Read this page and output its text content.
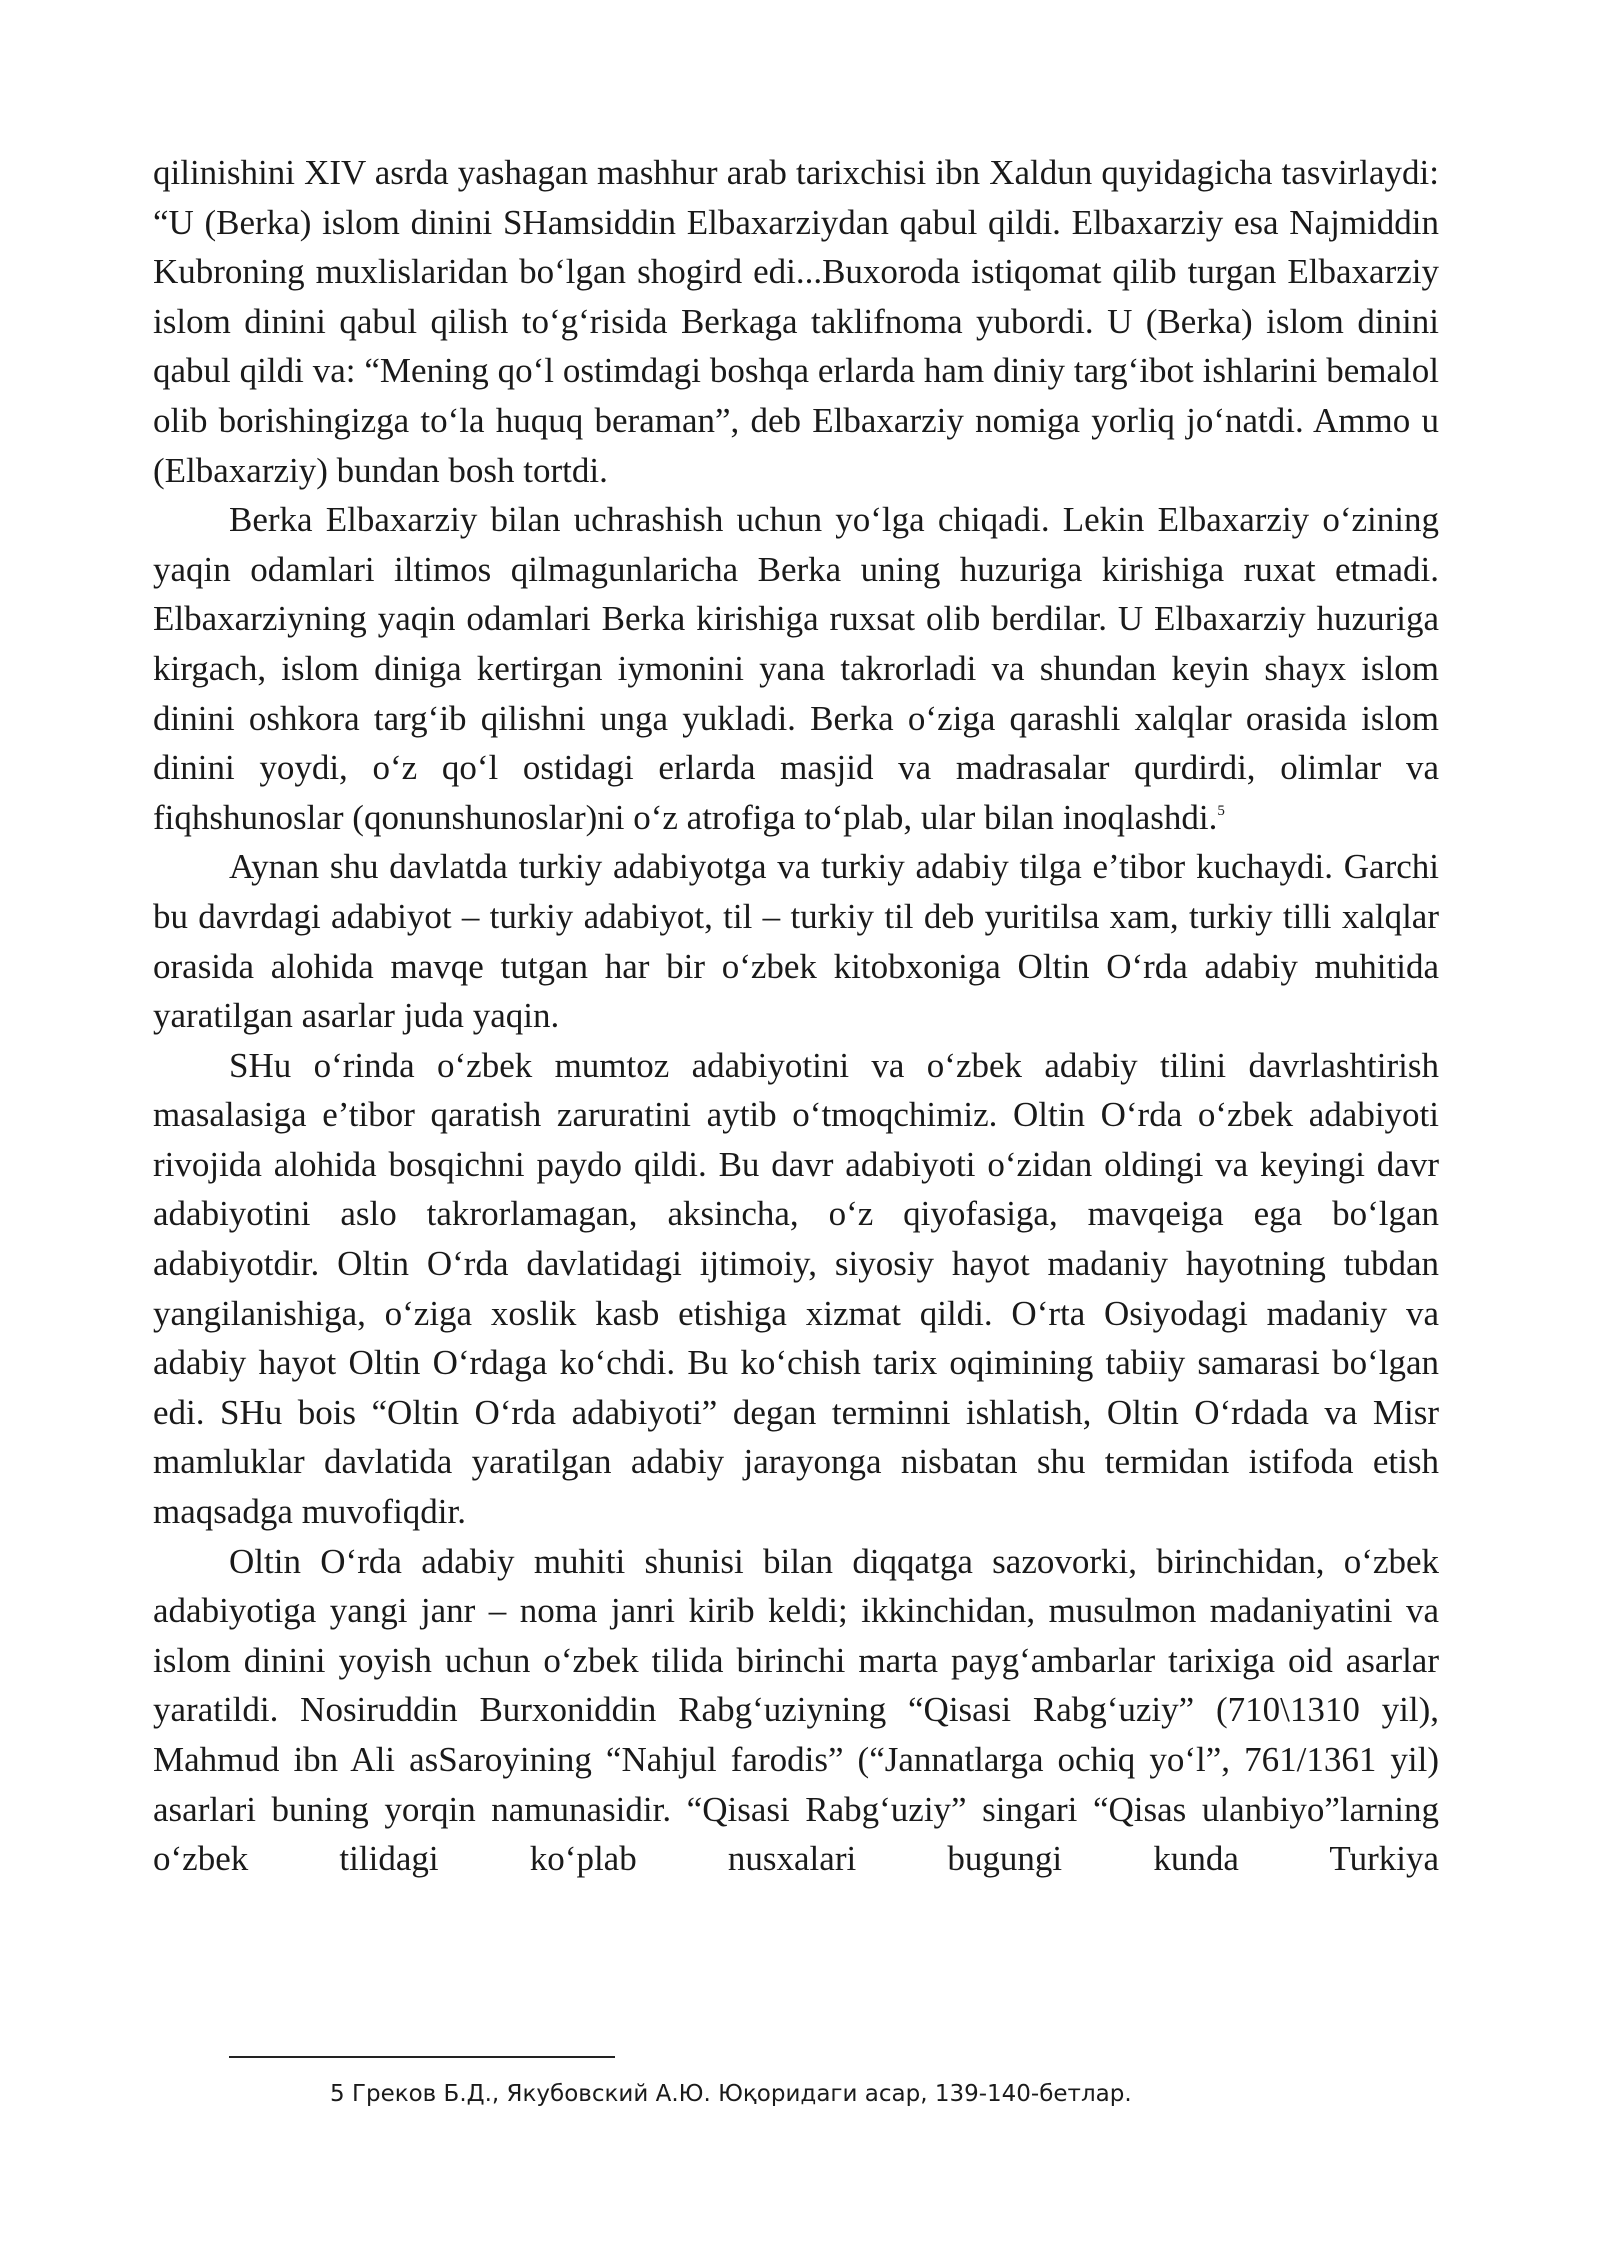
qilinishini XIV asrda yashagan mashhur arab tarixchisi ibn Xaldun quyidagicha tasvirlaydi: “U (Berka) islom dinini SHamsiddin Elbaxarziydan qabul qildi. Elbaxarziy esa Najmiddin Kubroning muxlislaridan boʻlgan shogird edi...Buxoroda istiqomat qilib turgan Elbaxarziy islom dinini qabul qilish toʻgʻrisida Berkaga taklifnoma yubordi. U (Berka) islom dinini qabul qildi va: “Mening qoʻl ostimdagi boshqa erlarda ham diniy targʻibot ishlarini bemalol olib borishingizga toʻla huquq beraman”, deb Elbaxarziy nomiga yorliq joʻnatdi. Ammo u (Elbaxarziy) bundan bosh tortdi.

Berka Elbaxarziy bilan uchrashish uchun yoʻlga chiqadi. Lekin Elbaxarziy oʻzining yaqin odamlari iltimos qilmagunlaricha Berka uning huzuriga kirishiga ruxat etmadi. Elbaxarziyning yaqin odamlari Berka kirishiga ruxsat olib berdilar. U Elbaxarziy huzuriga kirgach, islom diniga kertirgan iymonini yana takrorladi va shundan keyin shayx islom dinini oshkora targʻib qilishni unga yukladi. Berka oʻziga qarashli xalqlar orasida islom dinini yoydi, oʻz qoʻl ostidagi erlarda masjid va madrasalar qurdirdi, olimlar va fiqhshunoslar (qonunshunoslar)ni oʻz atrofiga toʻplab, ular bilan inoqlashdi.$^5$

Aynan shu davlatda turkiy adabiyotga va turkiy adabiy tilga e’tibor kuchaydi. Garchi bu davrdagi adabiyot – turkiy adabiyot, til – turkiy til deb yuritilsa xam, turkiy tilli xalqlar orasida alohida mavqe tutgan har bir oʻzbek kitobxoniga Oltin Oʻrda adabiy muhitida yaratilgan asarlar juda yaqin.

SHu oʻrinda oʻzbek mumtoz adabiyotini va oʻzbek adabiy tilini davrlashtirish masalasiga e’tibor qaratish zaruratini aytib oʻtmoqchimiz. Oltin Oʻrda oʻzbek adabiyoti rivojida alohida bosqichni paydo qildi. Bu davr adabiyoti oʻzidan oldingi va keyingi davr adabiyotini aslo takrorlamagan, aksincha, oʻz qiyofasiga, mavqeiga ega boʻlgan adabiyotdir. Oltin Oʻrda davlatidagi ijtimoiy, siyosiy hayot madaniy hayotning tubdan yangilanishiga, oʻziga xoslik kasb etishiga xizmat qildi. Oʻrta Osiyodagi madaniy va adabiy hayot Oltin Oʻrdaga koʻchdi. Bu koʻchish tarix oqimining tabiiy samarasi boʻlgan edi. SHu bois “Oltin Oʻrda adabiyoti” degan terminni ishlatish, Oltin Oʻrdada va Misr mamluklar davlatida yaratilgan adabiy jarayonga nisbatan shu termidan istifoda etish maqsadga muvofiqdir.

Oltin Oʻrda adabiy muhiti shunisi bilan diqqatga sazovorki, birinchidan, oʻzbek adabiyotiga yangi janr – noma janri kirib keldi; ikkinchidan, musulmon madaniyatini va islom dinini yoyish uchun oʻzbek tilida birinchi marta paygʻambarlar tarixiga oid asarlar yaratildi. Nosiruddin Burxoniddin Rabgʻuziyning “Qisasi Rabgʻuziy” (710\1310 yil), Mahmud ibn Ali asSaroyining “Nahjul farodis” (“Jannatlarga ochiq yoʻl”, 761/1361 yil) asarlari buning yorqin namunasidir. “Qisasi Rabgʻuziy” singari “Qisas ulanbiyo”larning oʻzbek tilidagi koʻplab nusxalari bugungi kunda Turkiya

5 Греков Б.Д., Якубовский А.Ю. Юқоридаги асар, 139-140-бетлар.
